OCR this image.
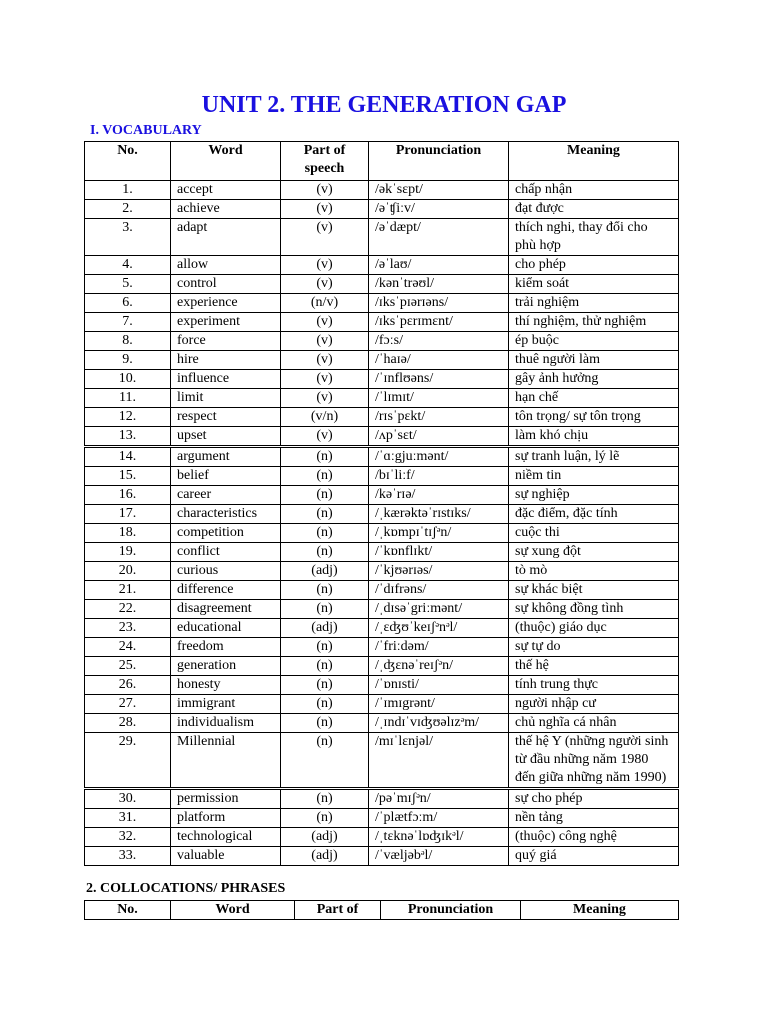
UNIT 2. THE GENERATION GAP
I. VOCABULARY
No.	Word	Part of speech	Pronunciation	Meaning
1.	accept	(v)	/əkˈsɛpt/	chấp nhận
2.	achieve	(v)	/əˈʧiːv/	đạt được
3.	adapt	(v)	/əˈdæpt/	thích nghi, thay đổi cho phù hợp
4.	allow	(v)	/əˈlaʊ/	cho phép
5.	control	(v)	/kənˈtrəʊl/	kiểm soát
6.	experience	(n/v)	/ɪksˈpɪərɪəns/	trải nghiệm
7.	experiment	(v)	/ɪksˈpɛrɪmɛnt/	thí nghiệm, thử nghiệm
8.	force	(v)	/fɔːs/	ép buộc
9.	hire	(v)	/ˈhaɪə/	thuê người làm
10.	influence	(v)	/ˈɪnflʊəns/	gây ảnh hưởng
11.	limit	(v)	/ˈlɪmɪt/	hạn chế
12.	respect	(v/n)	/rɪsˈpɛkt/	tôn trọng/ sự tôn trọng
13.	upset	(v)	/ʌpˈsɛt/	làm khó chịu
14.	argument	(n)	/ˈɑːgjuːmənt/	sự tranh luận, lý lẽ
15.	belief	(n)	/bɪˈliːf/	niềm tin
16.	career	(n)	/kəˈrɪə/	sự nghiệp
17.	characteristics	(n)	/ˌkærəktəˈrɪstɪks/	đặc điểm, đặc tính
18.	competition	(n)	/ˌkɒmpɪˈtɪʃᵊn/	cuộc thi
19.	conflict	(n)	/ˈkɒnflɪkt/	sự xung đột
20.	curious	(adj)	/ˈkjʊərɪəs/	tò mò
21.	difference	(n)	/ˈdɪfrəns/	sự khác biệt
22.	disagreement	(n)	/ˌdɪsəˈgriːmənt/	sự không đồng tình
23.	educational	(adj)	/ˌɛʤʊˈkeɪʃᵊnᵊl/	(thuộc) giáo dục
24.	freedom	(n)	/ˈfriːdəm/	sự tự do
25.	generation	(n)	/ˌʤɛnəˈreɪʃᵊn/	thế hệ
26.	honesty	(n)	/ˈɒnɪsti/	tính trung thực
27.	immigrant	(n)	/ˈɪmɪgrənt/	người nhập cư
28.	individualism	(n)	/ˌɪndɪˈvɪʤʊəlɪzᵊm/	chủ nghĩa cá nhân
29.	Millennial	(n)	/mɪˈlɛnjəl/	thế hệ Y (những người sinh từ đầu những năm 1980 đến giữa những năm 1990)
30.	permission	(n)	/pəˈmɪʃᵊn/	sự cho phép
31.	platform	(n)	/ˈplætfɔːm/	nền tảng
32.	technological	(adj)	/ˌtɛknəˈlɒʤɪkᵊl/	(thuộc) công nghệ
33.	valuable	(adj)	/ˈvæljəbᵊl/	quý giá
2. COLLOCATIONS/ PHRASES
No.	Word	Part of	Pronunciation	Meaning
